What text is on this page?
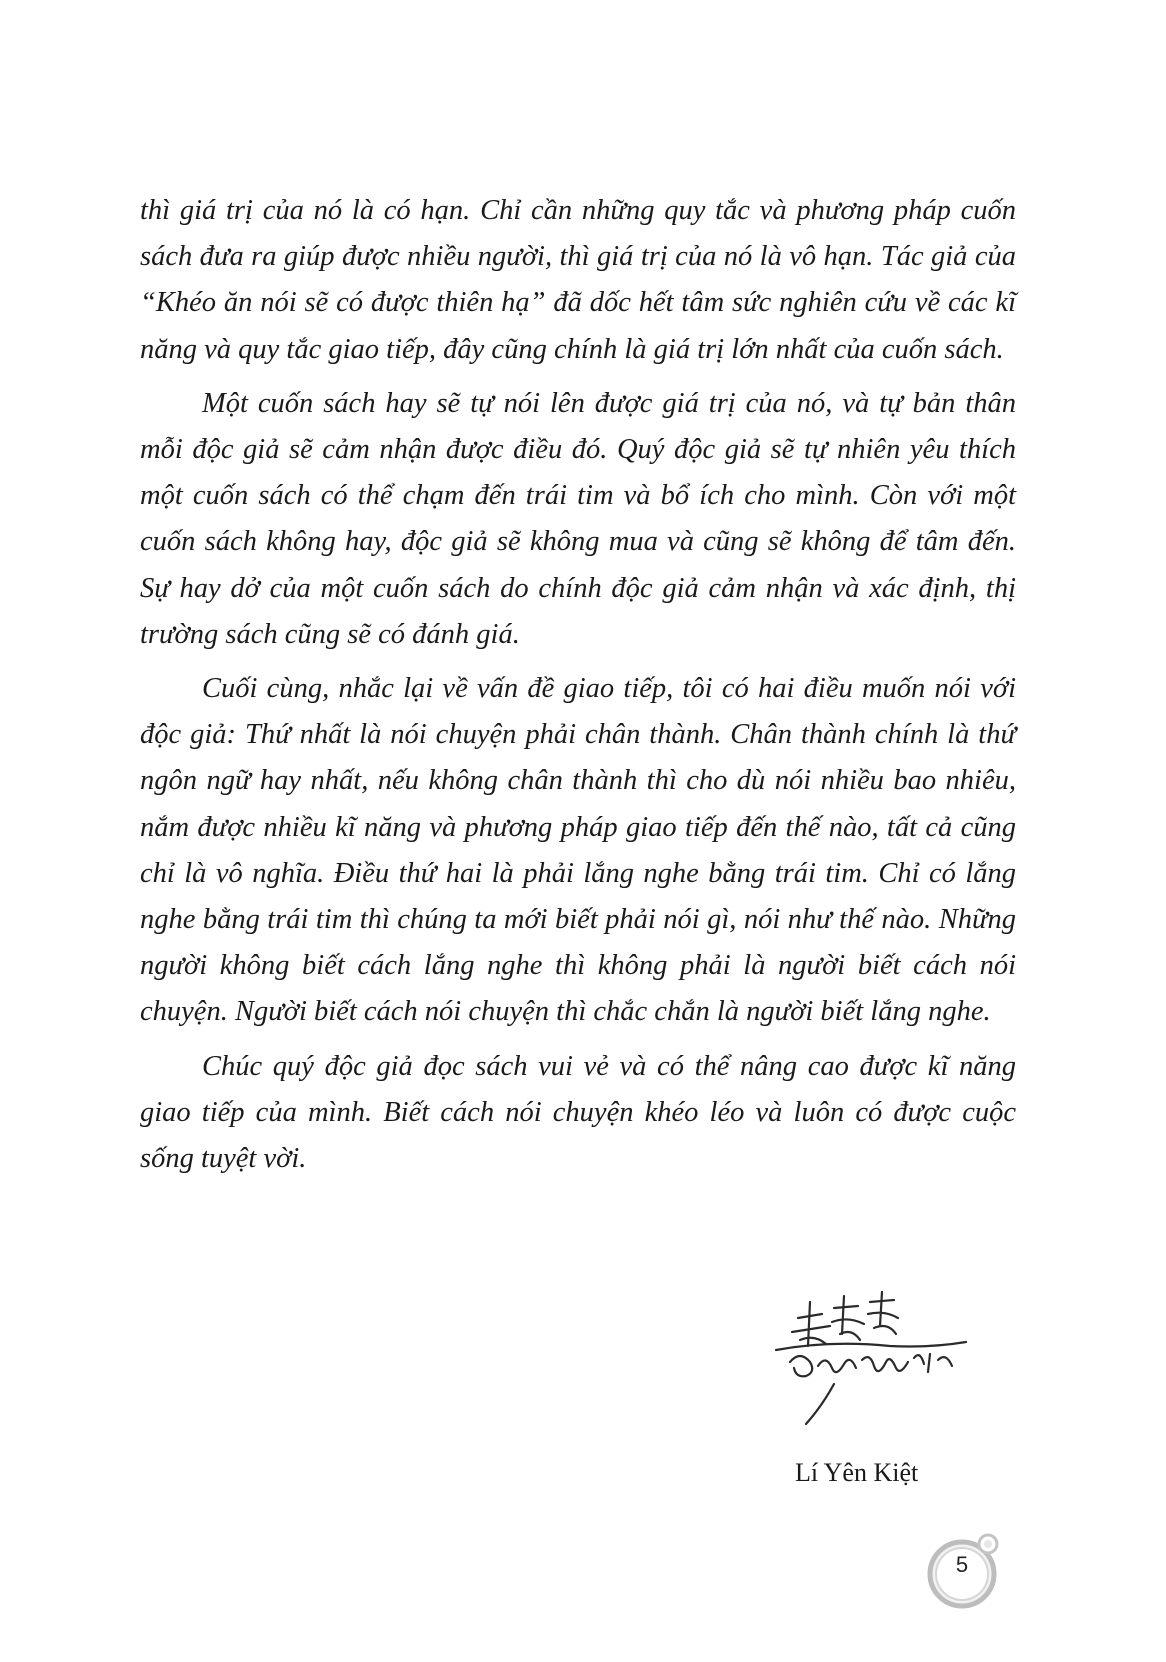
thì giá trị của nó là có hạn. Chỉ cần những quy tắc và phương pháp cuốn sách đưa ra giúp được nhiều người, thì giá trị của nó là vô hạn. Tác giả của “Khéo ăn nói sẽ có được thiên hạ” đã dốc hết tâm sức nghiên cứu về các kĩ năng và quy tắc giao tiếp, đây cũng chính là giá trị lớn nhất của cuốn sách.

Một cuốn sách hay sẽ tự nói lên được giá trị của nó, và tự bản thân mỗi độc giả sẽ cảm nhận được điều đó. Quý độc giả sẽ tự nhiên yêu thích một cuốn sách có thể chạm đến trái tim và bổ ích cho mình. Còn với một cuốn sách không hay, độc giả sẽ không mua và cũng sẽ không để tâm đến. Sự hay dở của một cuốn sách do chính độc giả cảm nhận và xác định, thị trường sách cũng sẽ có đánh giá.

Cuối cùng, nhắc lại về vấn đề giao tiếp, tôi có hai điều muốn nói với độc giả: Thứ nhất là nói chuyện phải chân thành. Chân thành chính là thứ ngôn ngữ hay nhất, nếu không chân thành thì cho dù nói nhiều bao nhiêu, nắm được nhiều kĩ năng và phương pháp giao tiếp đến thế nào, tất cả cũng chỉ là vô nghĩa. Điều thứ hai là phải lắng nghe bằng trái tim. Chỉ có lắng nghe bằng trái tim thì chúng ta mới biết phải nói gì, nói như thế nào. Những người không biết cách lắng nghe thì không phải là người biết cách nói chuyện. Người biết cách nói chuyện thì chắc chắn là người biết lắng nghe.

Chúc quý độc giả đọc sách vui vẻ và có thể nâng cao được kĩ năng giao tiếp của mình. Biết cách nói chuyện khéo léo và luôn có được cuộc sống tuyệt vời.

Lí Yên Kiệt
5
